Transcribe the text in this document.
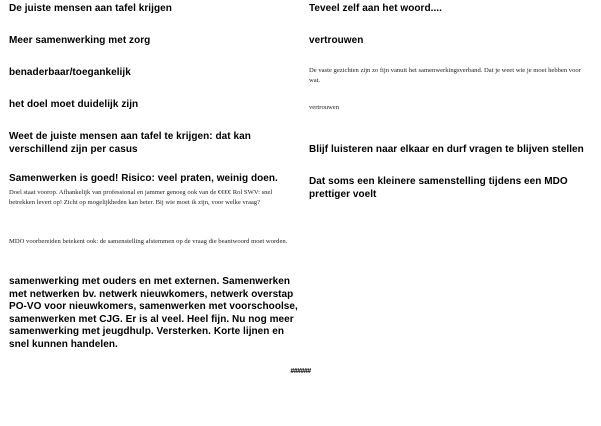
De juiste mensen aan tafel krijgen
Meer samenwerking met zorg
benaderbaar/toegankelijk
het doel moet duidelijk zijn
Weet de juiste mensen aan tafel te krijgen: dat kan verschillend zijn per casus
Samenwerken is goed! Risico: veel praten, weinig doen.
Doel staat voorop. Afhankelijk van professional en jammer genoeg ook van de €€€€ Rol SWV: snel betrekken levert op! Zicht op mogelijkheden kan beter. Bij wie moet ik zijn, voor welke vraag?
MDO voorbereiden betekent ook: de samenstelling afstemmen op de vraag die beantwoord moet worden.
samenwerking met ouders en met externen. Samenwerken met netwerken bv. netwerk nieuwkomers, netwerk overstap PO-VO voor nieuwkomers, samenwerken met voorschoolse, samenwerken met CJG. Er is al veel. Heel fijn. Nu nog meer samenwerking met jeugdhulp. Versterken. Korte lijnen en snel kunnen handelen.
Teveel zelf aan het woord....
vertrouwen
De vaste gezichten zijn zo fijn vanuit het samenwerkingsverband. Dat je weet wie je moet hebben voor wat.
vertrouwen
Blijf luisteren naar elkaar en durf vragen te blijven stellen
Dat soms een kleinere samenstelling tijdens een MDO prettiger voelt
######
